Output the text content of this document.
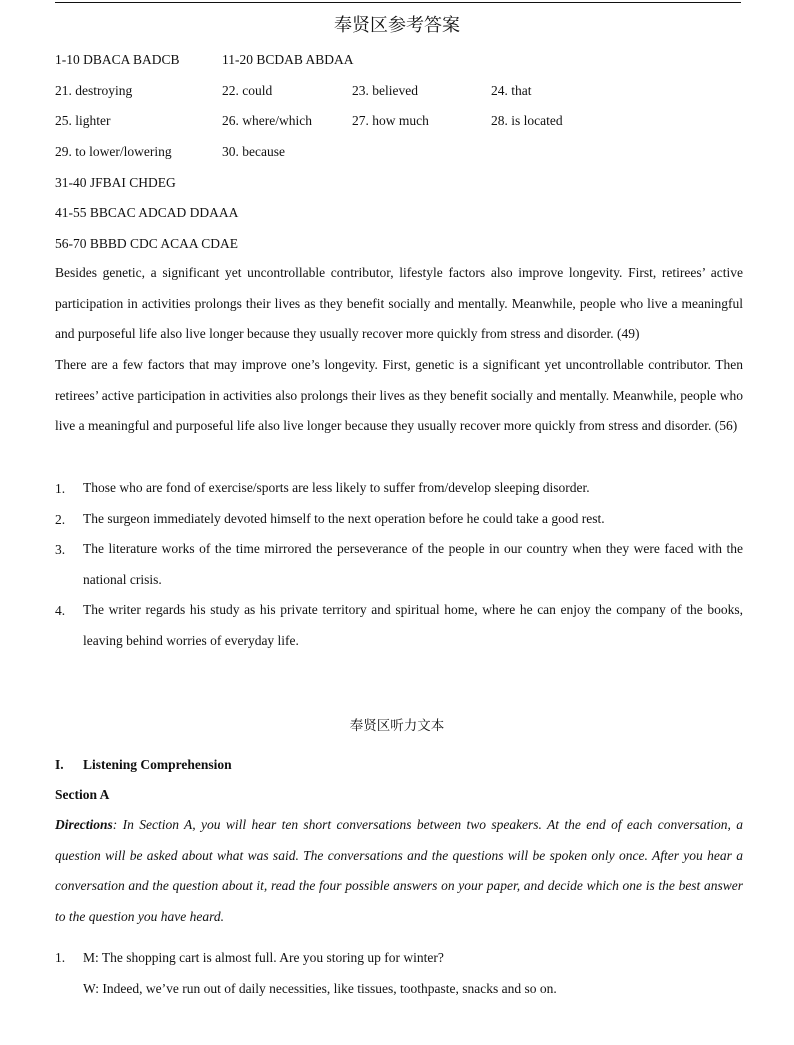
奉贤区参考答案
1-10 DBACA BADCB	11-20 BCDAB ABDAA
21. destroying	22. could	23. believed	24. that
25. lighter	26. where/which	27. how much	28. is located
29. to lower/lowering	30. because
31-40 JFBAI CHDEG
41-55 BBCAC ADCAD DDAAA
56-70 BBBD CDC ACAA CDAE
Besides genetic, a significant yet uncontrollable contributor, lifestyle factors also improve longevity. First, retirees’ active participation in activities prolongs their lives as they benefit socially and mentally. Meanwhile, people who live a meaningful and purposeful life also live longer because they usually recover more quickly from stress and disorder. (49)
There are a few factors that may improve one’s longevity. First, genetic is a significant yet uncontrollable contributor. Then retirees’ active participation in activities also prolongs their lives as they benefit socially and mentally. Meanwhile, people who live a meaningful and purposeful life also live longer because they usually recover more quickly from stress and disorder. (56)
1. Those who are fond of exercise/sports are less likely to suffer from/develop sleeping disorder.
2. The surgeon immediately devoted himself to the next operation before he could take a good rest.
3. The literature works of the time mirrored the perseverance of the people in our country when they were faced with the national crisis.
4. The writer regards his study as his private territory and spiritual home, where he can enjoy the company of the books, leaving behind worries of everyday life.
奉贤区听力文本
I. Listening Comprehension
Section A
Directions: In Section A, you will hear ten short conversations between two speakers. At the end of each conversation, a question will be asked about what was said. The conversations and the questions will be spoken only once. After you hear a conversation and the question about it, read the four possible answers on your paper, and decide which one is the best answer to the question you have heard.
1. M: The shopping cart is almost full. Are you storing up for winter?
W: Indeed, we’ve run out of daily necessities, like tissues, toothpaste, snacks and so on.
